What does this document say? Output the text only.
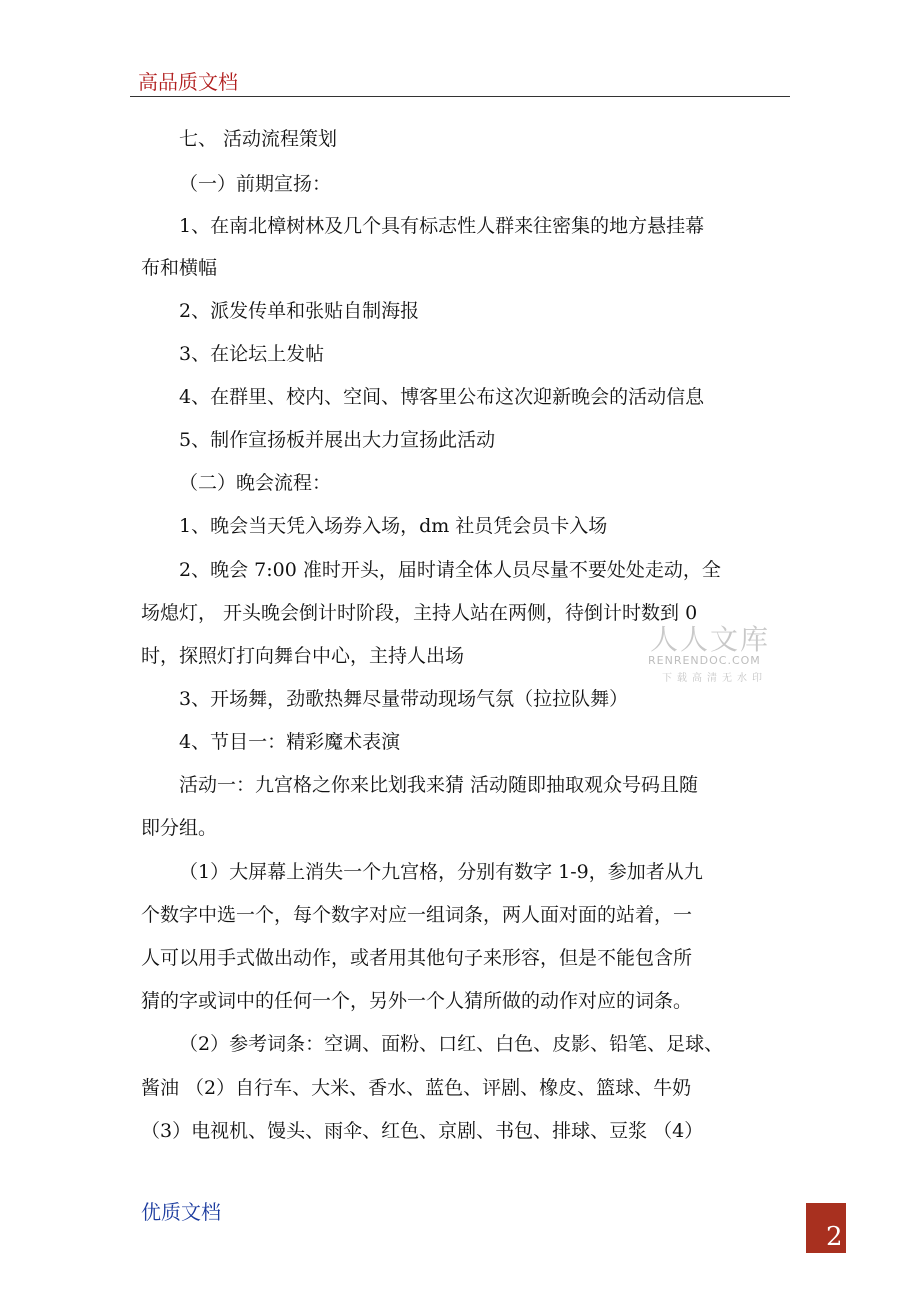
高品质文档
七、 活动流程策划
（一）前期宣扬：
1、在南北樟树林及几个具有标志性人群来往密集的地方悬挂幕
布和横幅
2、派发传单和张贴自制海报
3、在论坛上发帖
4、在群里、校内、空间、博客里公布这次迎新晚会的活动信息
5、制作宣扬板并展出大力宣扬此活动
（二）晚会流程：
1、晚会当天凭入场券入场，dm 社员凭会员卡入场
2、晚会 7:00 准时开头，届时请全体人员尽量不要处处走动，全
场熄灯， 开头晚会倒计时阶段，主持人站在两侧，待倒计时数到 0
时，探照灯打向舞台中心，主持人出场
3、开场舞，劲歌热舞尽量带动现场气氛（拉拉队舞）
4、节目一：精彩魔术表演
活动一：九宫格之你来比划我来猜 活动随即抽取观众号码且随
即分组。
（1）大屏幕上消失一个九宫格，分别有数字 1-9，参加者从九
个数字中选一个，每个数字对应一组词条，两人面对面的站着，一
人可以用手式做出动作，或者用其他句子来形容，但是不能包含所
猜的字或词中的任何一个，另外一个人猜所做的动作对应的词条。
（2）参考词条：空调、面粉、口红、白色、皮影、铅笔、足球、
酱油 （2）自行车、大米、香水、蓝色、评剧、橡皮、篮球、牛奶
（3）电视机、馒头、雨伞、红色、京剧、书包、排球、豆浆 （4）
人人文库
RENRENDOC.COM
下载高清无水印
优质文档
2
